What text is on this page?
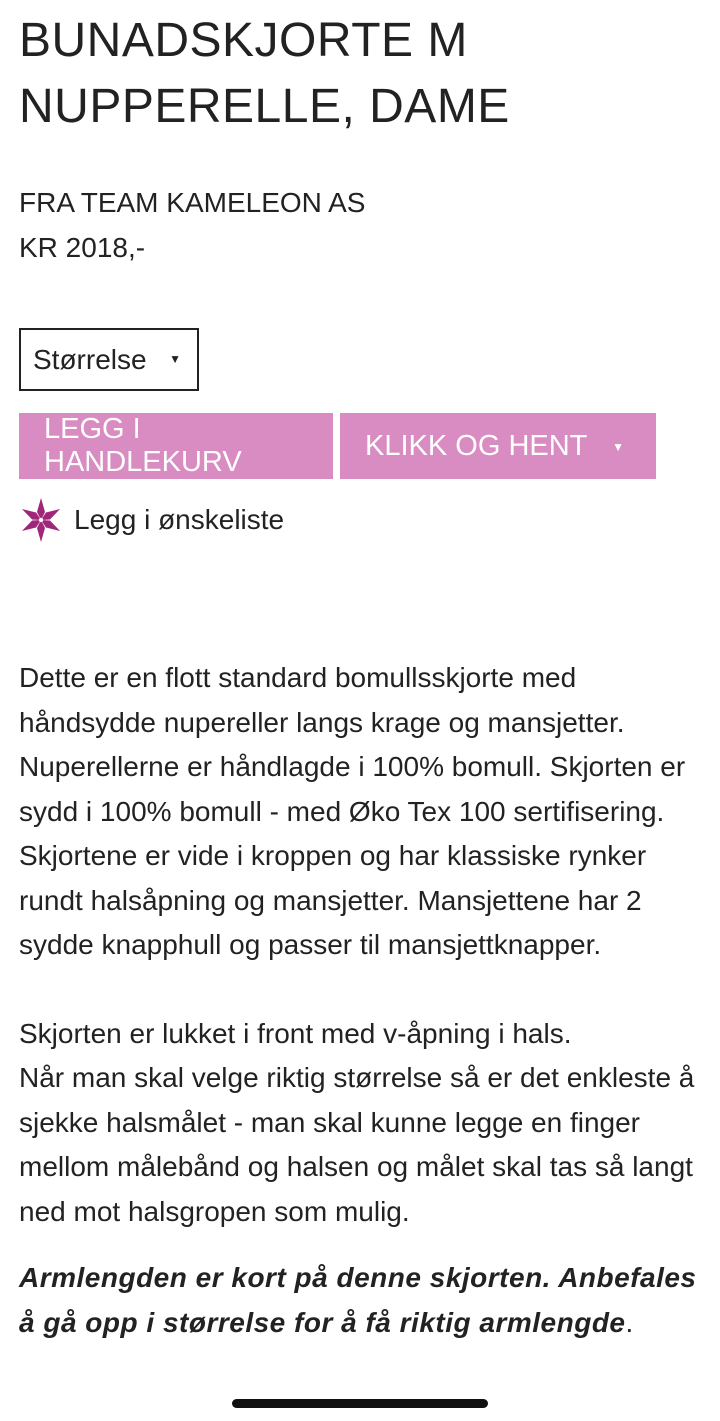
BUNADSKJORTE M
NUPPERELLE, DAME
FRA TEAM KAMELEON AS
KR 2018,-
Størrelse ▼
LEGG I HANDLEKURV
KLIKK OG HENT ▼
Legg i ønskeliste

Dette er en flott standard bomullsskjorte med håndsydde nupereller langs krage og mansjetter. Nuperellerne er håndlagde i 100% bomull. Skjorten er sydd i 100% bomull - med Øko Tex 100 sertifisering. Skjortene er vide i kroppen og har klassiske rynker rundt halsåpning og mansjetter. Mansjettene har 2 sydde knapphull og passer til mansjettknapper.

Skjorten er lukket i front med v-åpning i hals.

Når man skal velge riktig størrelse så er det enkleste å sjekke halsmålet - man skal kunne legge en finger mellom målebånd og halsen og målet skal tas så langt ned mot halsgropen som mulig.

Armlengden er kort på denne skjorten. Anbefales å gå opp i størrelse for å få riktig armlengde.
